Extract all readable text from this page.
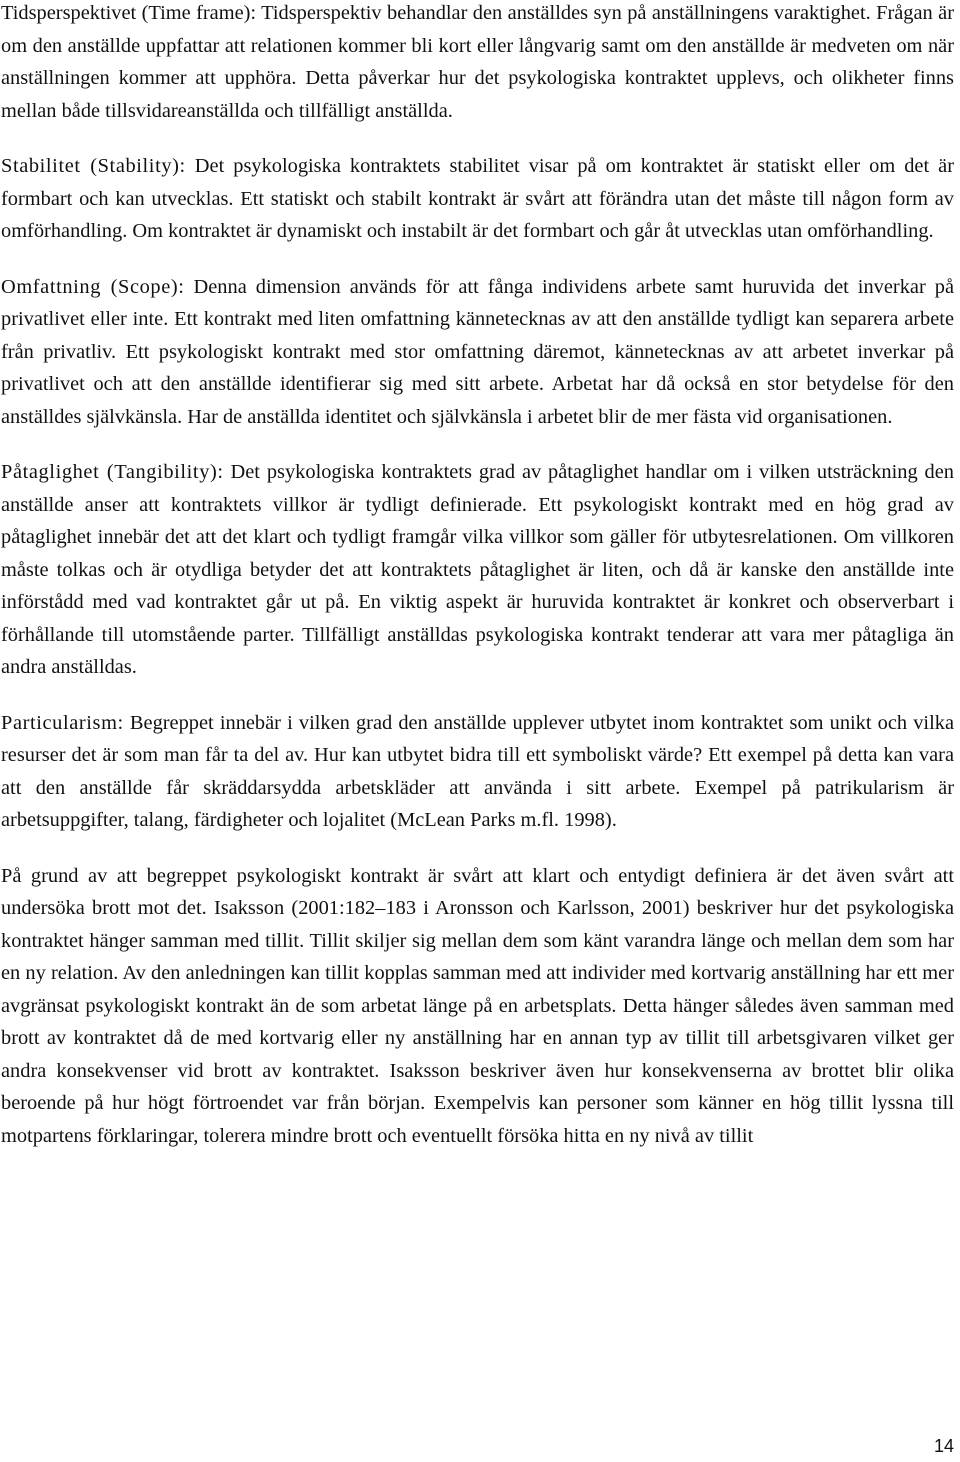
Tidsperspektivet (Time frame): Tidsperspektiv behandlar den anställdes syn på anställningens varaktighet. Frågan är om den anställde uppfattar att relationen kommer bli kort eller långvarig samt om den anställde är medveten om när anställningen kommer att upphöra. Detta påverkar hur det psykologiska kontraktet upplevs, och olikheter finns mellan både tillsvidareanställda och tillfälligt anställda.

Stabilitet (Stability): Det psykologiska kontraktets stabilitet visar på om kontraktet är statiskt eller om det är formbart och kan utvecklas. Ett statiskt och stabilt kontrakt är svårt att förändra utan det måste till någon form av omförhandling. Om kontraktet är dynamiskt och instabilt är det formbart och går åt utvecklas utan omförhandling.

Omfattning (Scope): Denna dimension används för att fånga individens arbete samt huruvida det inverkar på privatlivet eller inte. Ett kontrakt med liten omfattning kännetecknas av att den anställde tydligt kan separera arbete från privatliv. Ett psykologiskt kontrakt med stor omfattning däremot, kännetecknas av att arbetet inverkar på privatlivet och att den anställde identifierar sig med sitt arbete. Arbetat har då också en stor betydelse för den anställdes självkänsla. Har de anställda identitet och självkänsla i arbetet blir de mer fästa vid organisationen.

Påtaglighet (Tangibility): Det psykologiska kontraktets grad av påtaglighet handlar om i vilken utsträckning den anställde anser att kontraktets villkor är tydligt definierade. Ett psykologiskt kontrakt med en hög grad av påtaglighet innebär det att det klart och tydligt framgår vilka villkor som gäller för utbytesrelationen. Om villkoren måste tolkas och är otydliga betyder det att kontraktets påtaglighet är liten, och då är kanske den anställde inte införstådd med vad kontraktet går ut på. En viktig aspekt är huruvida kontraktet är konkret och observerbart i förhållande till utomstående parter. Tillfälligt anställdas psykologiska kontrakt tenderar att vara mer påtagliga än andra anställdas.

Particularism: Begreppet innebär i vilken grad den anställde upplever utbytet inom kontraktet som unikt och vilka resurser det är som man får ta del av. Hur kan utbytet bidra till ett symboliskt värde? Ett exempel på detta kan vara att den anställde får skräddarsydda arbetskläder att använda i sitt arbete. Exempel på patrikularism är arbetsuppgifter, talang, färdigheter och lojalitet (McLean Parks m.fl. 1998).

På grund av att begreppet psykologiskt kontrakt är svårt att klart och entydigt definiera är det även svårt att undersöka brott mot det. Isaksson (2001:182–183 i Aronsson och Karlsson, 2001) beskriver hur det psykologiska kontraktet hänger samman med tillit. Tillit skiljer sig mellan dem som känt varandra länge och mellan dem som har en ny relation. Av den anledningen kan tillit kopplas samman med att individer med kortvarig anställning har ett mer avgränsat psykologiskt kontrakt än de som arbetat länge på en arbetsplats. Detta hänger således även samman med brott av kontraktet då de med kortvarig eller ny anställning har en annan typ av tillit till arbetsgivaren vilket ger andra konsekvenser vid brott av kontraktet. Isaksson beskriver även hur konsekvenserna av brottet blir olika beroende på hur högt förtroendet var från början. Exempelvis kan personer som känner en hög tillit lyssna till motpartens förklaringar, tolerera mindre brott och eventuellt försöka hitta en ny nivå av tillit

14
